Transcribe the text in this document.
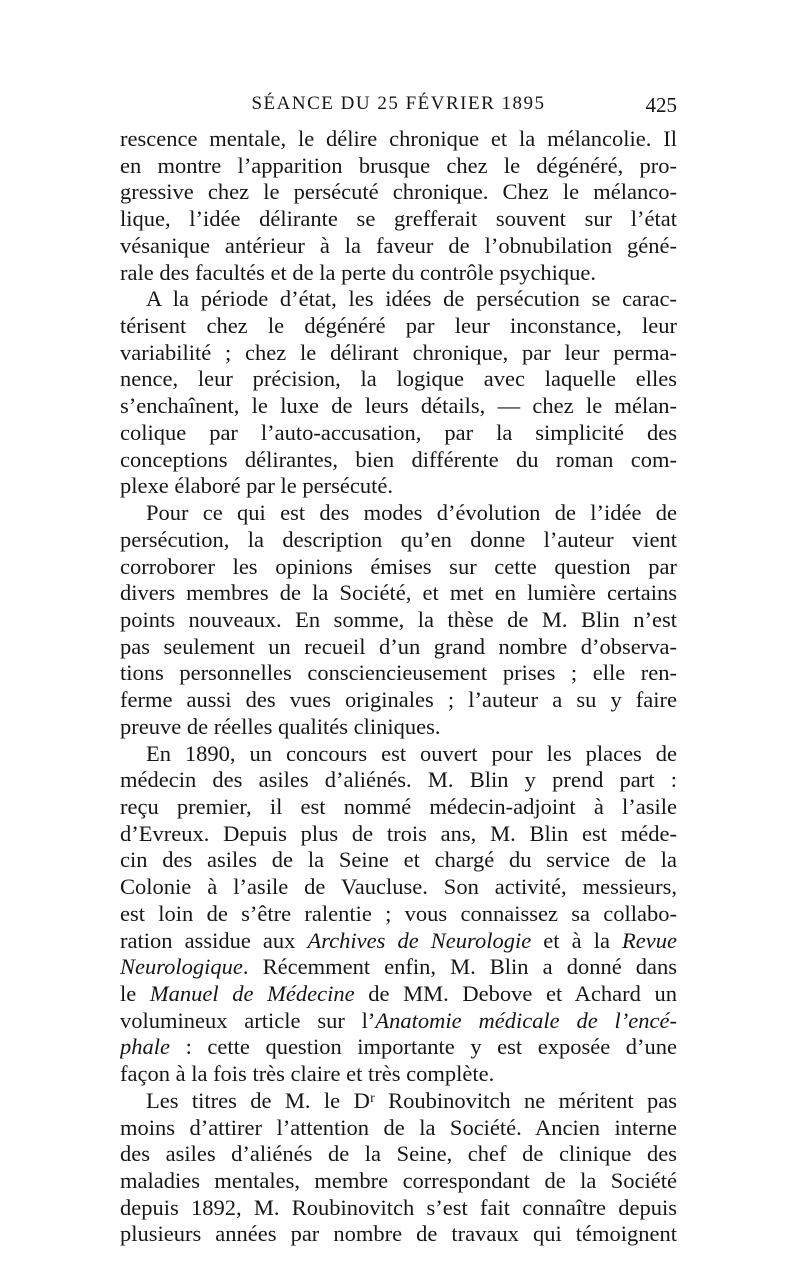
SÉANCE DU 25 FÉVRIER 1895	425
rescence mentale, le délire chronique et la mélancolie. Il
en montre l’apparition brusque chez le dégénéré, pro-
gressive chez le persécuté chronique. Chez le mélanco-
lique, l’idée délirante se grefferait souvent sur l’état
vésanique antérieur à la faveur de l’obnubilation géné-
rale des facultés et de la perte du contrôle psychique.
A la période d’état, les idées de persécution se carac-
térisent chez le dégénéré par leur inconstance, leur
variabilité ; chez le délirant chronique, par leur perma-
nence, leur précision, la logique avec laquelle elles
s’enchaînent, le luxe de leurs détails, — chez le mélan-
colique par l’auto-accusation, par la simplicité des
conceptions délirantes, bien différente du roman com-
plexe élaboré par le persécuté.
Pour ce qui est des modes d’évolution de l’idée de
persécution, la description qu’en donne l’auteur vient
corroborer les opinions émises sur cette question par
divers membres de la Société, et met en lumière certains
points nouveaux. En somme, la thèse de M. Blin n’est
pas seulement un recueil d’un grand nombre d’observa-
tions personnelles consciencieusement prises ; elle ren-
ferme aussi des vues originales ; l’auteur a su y faire
preuve de réelles qualités cliniques.
En 1890, un concours est ouvert pour les places de
médecin des asiles d’aliénés. M. Blin y prend part :
reçu premier, il est nommé médecin-adjoint à l’asile
d’Evreux. Depuis plus de trois ans, M. Blin est méde-
cin des asiles de la Seine et chargé du service de la
Colonie à l’asile de Vaucluse. Son activité, messieurs,
est loin de s’être ralentie ; vous connaissez sa collabo-
ration assidue aux Archives de Neurologie et à la Revue
Neurologique. Récemment enfin, M. Blin a donné dans
le Manuel de Médecine de MM. Debove et Achard un
volumineux article sur l’Anatomie médicale de l’encé-
phale : cette question importante y est exposée d’une
façon à la fois très claire et très complète.
Les titres de M. le Dʳ Roubinovitch ne méritent pas
moins d’attirer l’attention de la Société. Ancien interne
des asiles d’aliénés de la Seine, chef de clinique des
maladies mentales, membre correspondant de la Société
depuis 1892, M. Roubinovitch s’est fait connaître depuis
plusieurs années par nombre de travaux qui témoignent
